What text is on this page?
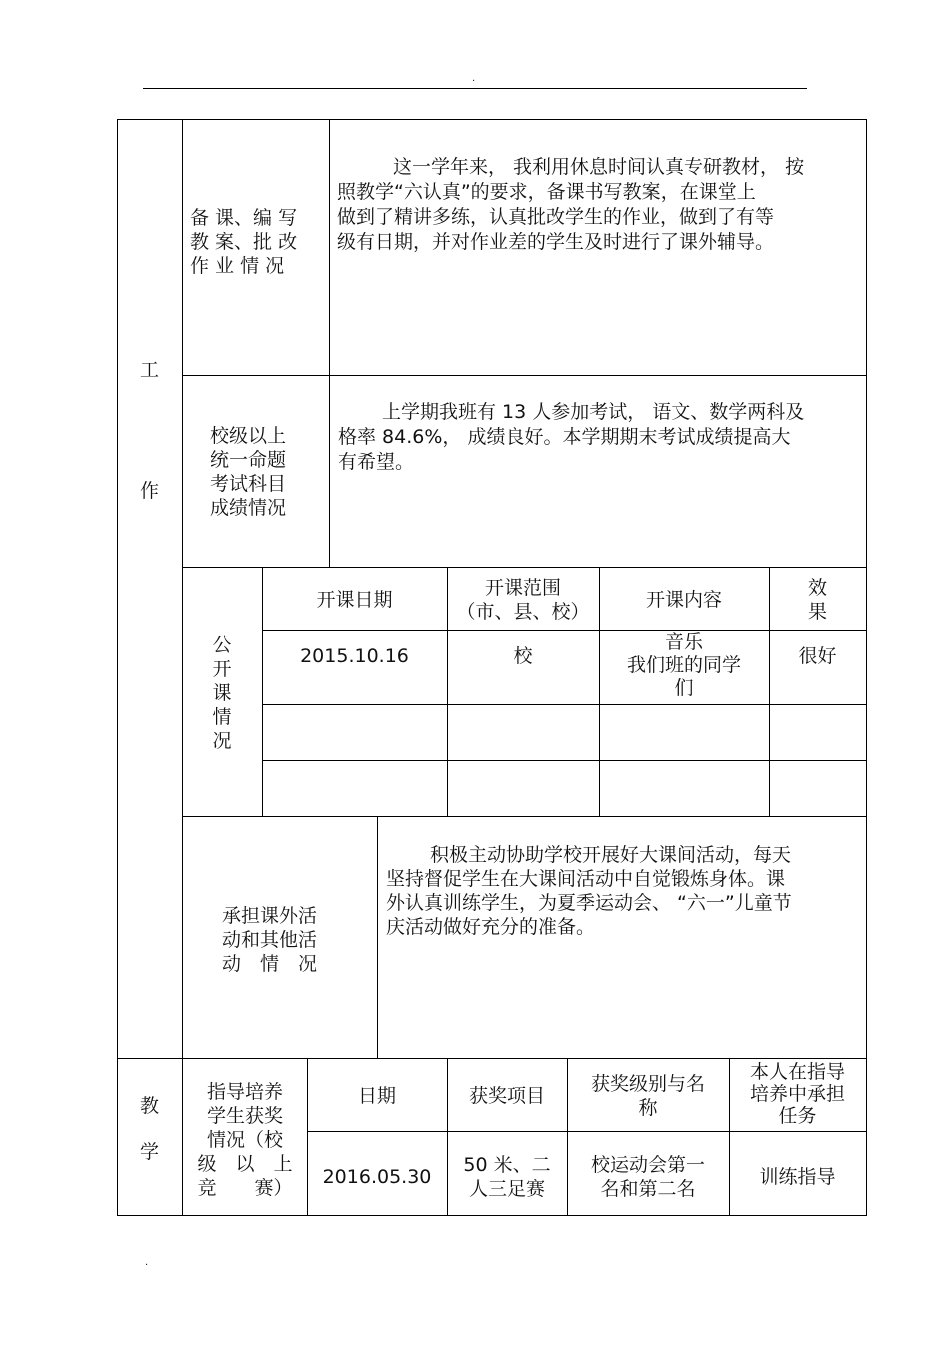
.
工
作
教
学
备 课、编 写
教 案、批 改
作 业 情 况
这一学年来， 我利用休息时间认真专研教材， 按
照教学“六认真”的要求，备课书写教案，在课堂上
做到了精讲多练，认真批改学生的作业，做到了有等
级有日期，并对作业差的学生及时进行了课外辅导。
校级以上
统一命题
考试科目
成绩情况
上学期我班有 13 人参加考试， 语文、数学两科及
格率 84.6%， 成绩良好。本学期期末考试成绩提高大
有希望。
公
开
课
情
况
开课日期
开课范围
（市、县、校）
开课内容
效
果
2015.10.16	校
音乐
我们班的同学
们
很好
承担课外活
动和其他活
动　情　况
积极主动协助学校开展好大课间活动，每天
坚持督促学生在大课间活动中自觉锻炼身体。课
外认真训练学生，为夏季运动会、 “六一”儿童节
庆活动做好充分的准备。
指导培养
学生获奖
情况（校
级　以　上
竞　　赛）
日期	获奖项目
获奖级别与名
称
本人在指导
培养中承担
任务
2016.05.30
50 米、二
人三足赛
校运动会第一
名和第二名
训练指导
.
